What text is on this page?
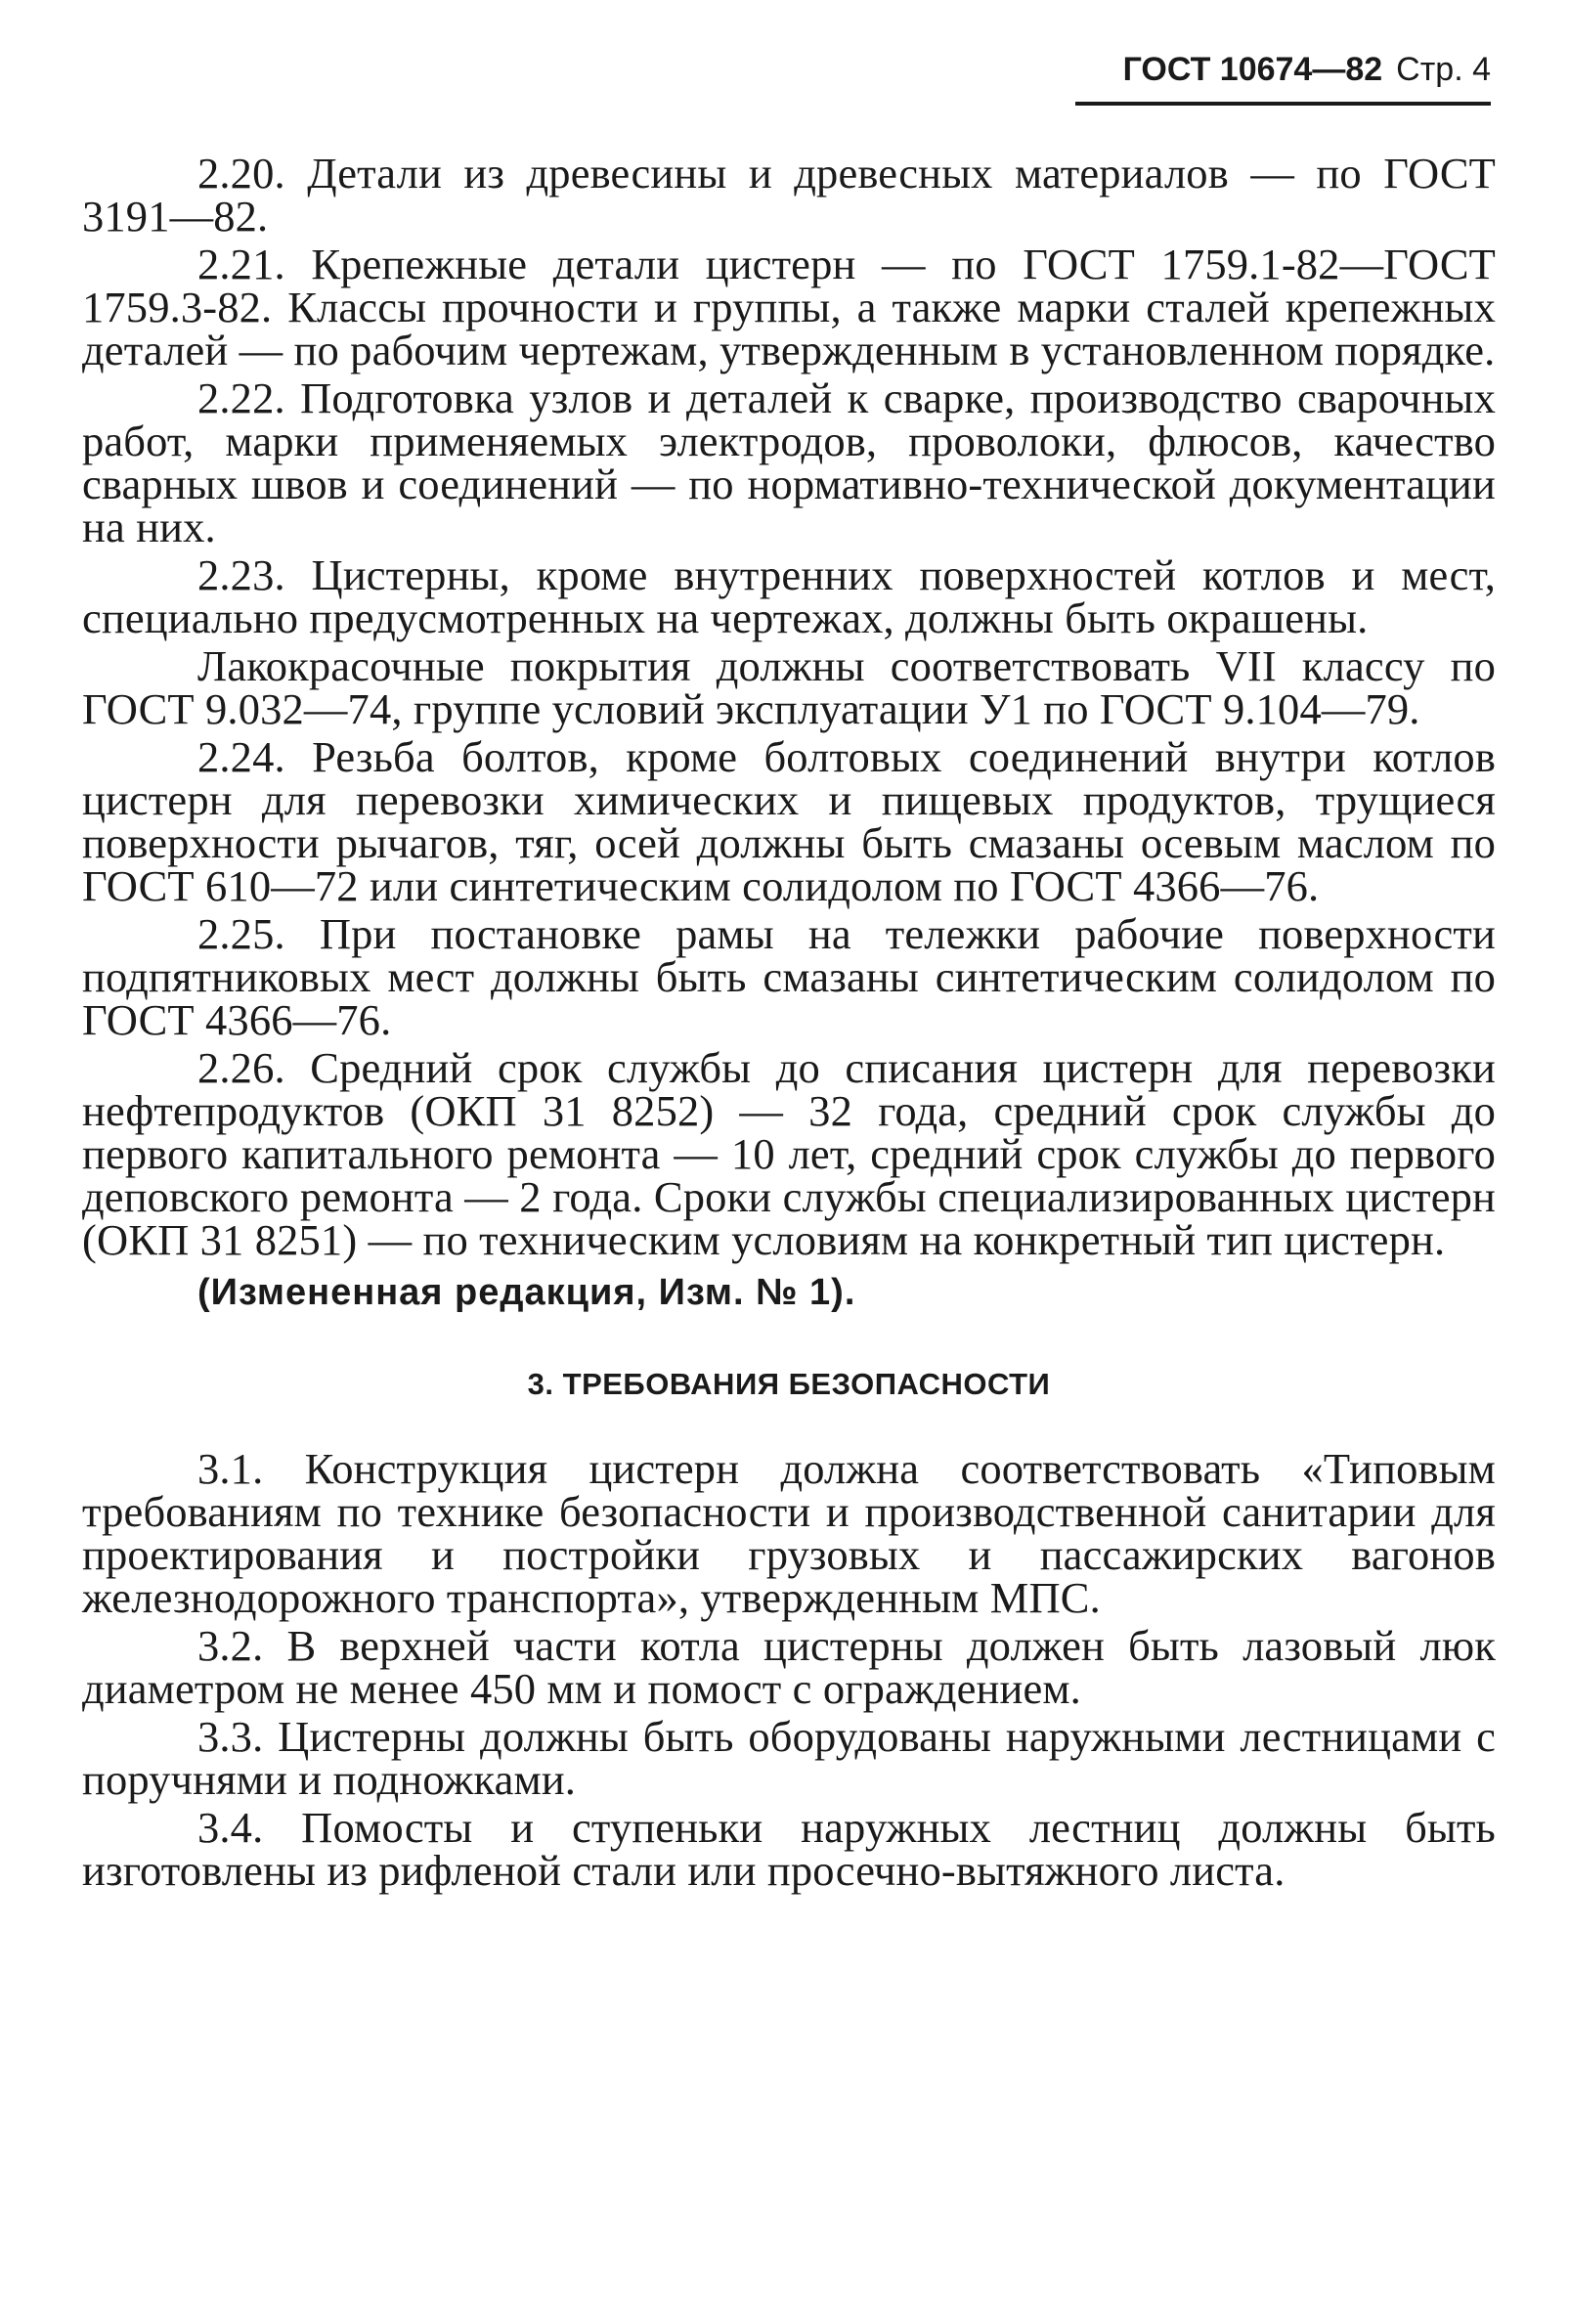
ГОСТ 10674—82 Стр. 4

2.20. Детали из древесины и древесных материалов — по ГОСТ 3191—82.

2.21. Крепежные детали цистерн — по ГОСТ 1759.1-82—ГОСТ 1759.3-82. Классы прочности и группы, а также марки сталей крепежных деталей — по рабочим чертежам, утвержденным в установленном порядке.

2.22. Подготовка узлов и деталей к сварке, производство сварочных работ, марки применяемых электродов, проволоки, флюсов, качество сварных швов и соединений — по нормативно-технической документации на них.

2.23. Цистерны, кроме внутренних поверхностей котлов и мест, специально предусмотренных на чертежах, должны быть окрашены.

Лакокрасочные покрытия должны соответствовать VII классу по ГОСТ 9.032—74, группе условий эксплуатации У1 по ГОСТ 9.104—79.

2.24. Резьба болтов, кроме болтовых соединений внутри котлов цистерн для перевозки химических и пищевых продуктов, трущиеся поверхности рычагов, тяг, осей должны быть смазаны осевым маслом по ГОСТ 610—72 или синтетическим солидолом по ГОСТ 4366—76.

2.25. При постановке рамы на тележки рабочие поверхности подпятниковых мест должны быть смазаны синтетическим солидолом по ГОСТ 4366—76.

2.26. Средний срок службы до списания цистерн для перевозки нефтепродуктов (ОКП 31 8252) — 32 года, средний срок службы до первого капитального ремонта — 10 лет, средний срок службы до первого деповского ремонта — 2 года. Сроки службы специализированных цистерн (ОКП 31 8251) — по техническим условиям на конкретный тип цистерн.

(Измененная редакция, Изм. № 1).

3. ТРЕБОВАНИЯ БЕЗОПАСНОСТИ

3.1. Конструкция цистерн должна соответствовать «Типовым требованиям по технике безопасности и производственной санитарии для проектирования и постройки грузовых и пассажирских вагонов железнодорожного транспорта», утвержденным МПС.

3.2. В верхней части котла цистерны должен быть лазовый люк диаметром не менее 450 мм и помост с ограждением.

3.3. Цистерны должны быть оборудованы наружными лестницами с поручнями и подножками.

3.4. Помосты и ступеньки наружных лестниц должны быть изготовлены из рифленой стали или просечно-вытяжного листа.
